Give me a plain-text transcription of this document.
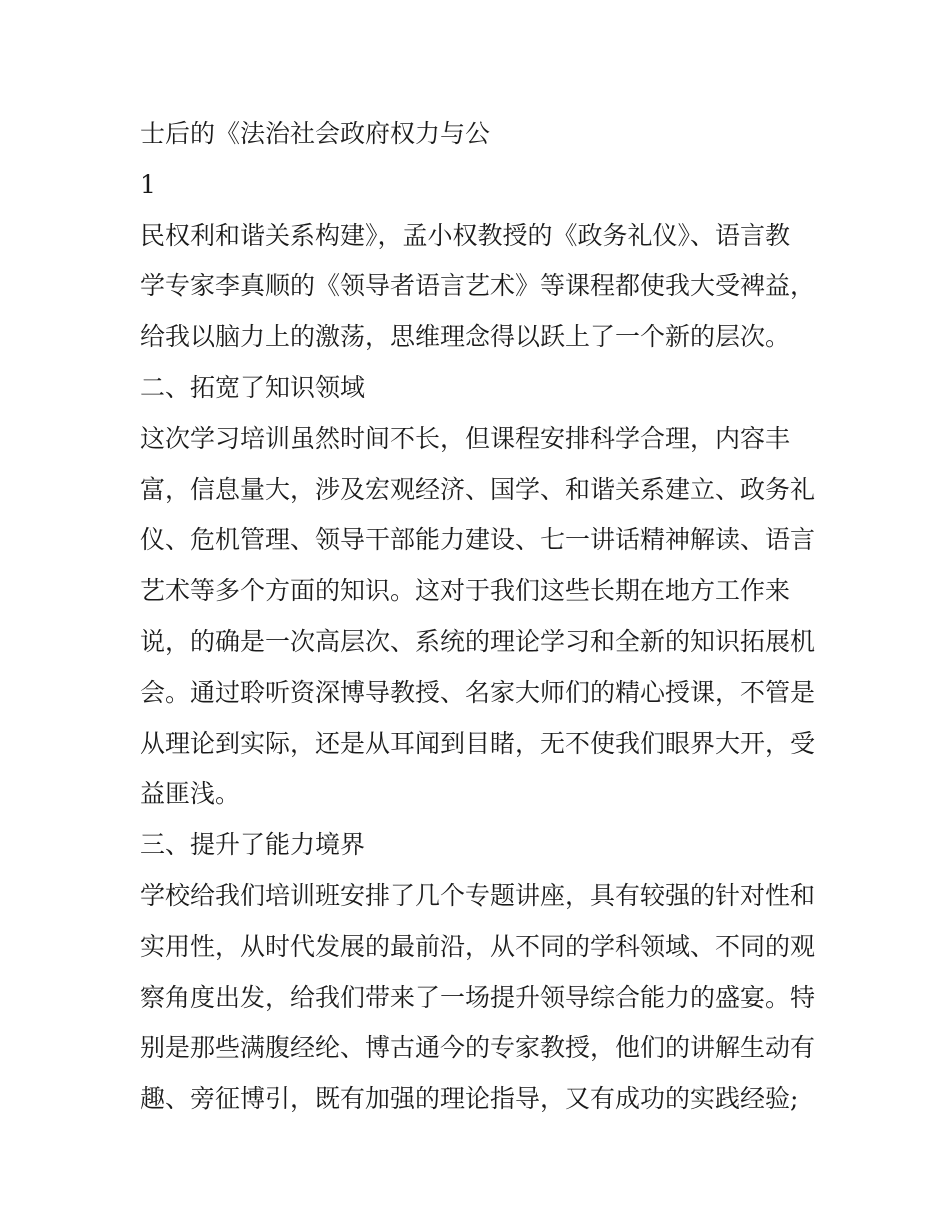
士后的《法治社会政府权力与公

1

民权利和谐关系构建》，孟小权教授的《政务礼仪》、语言教

学专家李真顺的《领导者语言艺术》等课程都使我大受裨益，

给我以脑力上的激荡，思维理念得以跃上了一个新的层次。

二、拓宽了知识领域

这次学习培训虽然时间不长，但课程安排科学合理，内容丰

富，信息量大，涉及宏观经济、国学、和谐关系建立、政务礼

仪、危机管理、领导干部能力建设、七一讲话精神解读、语言

艺术等多个方面的知识。这对于我们这些长期在地方工作来

说，的确是一次高层次、系统的理论学习和全新的知识拓展机

会。通过聆听资深博导教授、名家大师们的精心授课，不管是

从理论到实际，还是从耳闻到目睹，无不使我们眼界大开，受

益匪浅。

三、提升了能力境界

学校给我们培训班安排了几个专题讲座，具有较强的针对性和

实用性，从时代发展的最前沿，从不同的学科领域、不同的观

察角度出发，给我们带来了一场提升领导综合能力的盛宴。特

别是那些满腹经纶、博古通今的专家教授，他们的讲解生动有

趣、旁征博引，既有加强的理论指导，又有成功的实践经验;
